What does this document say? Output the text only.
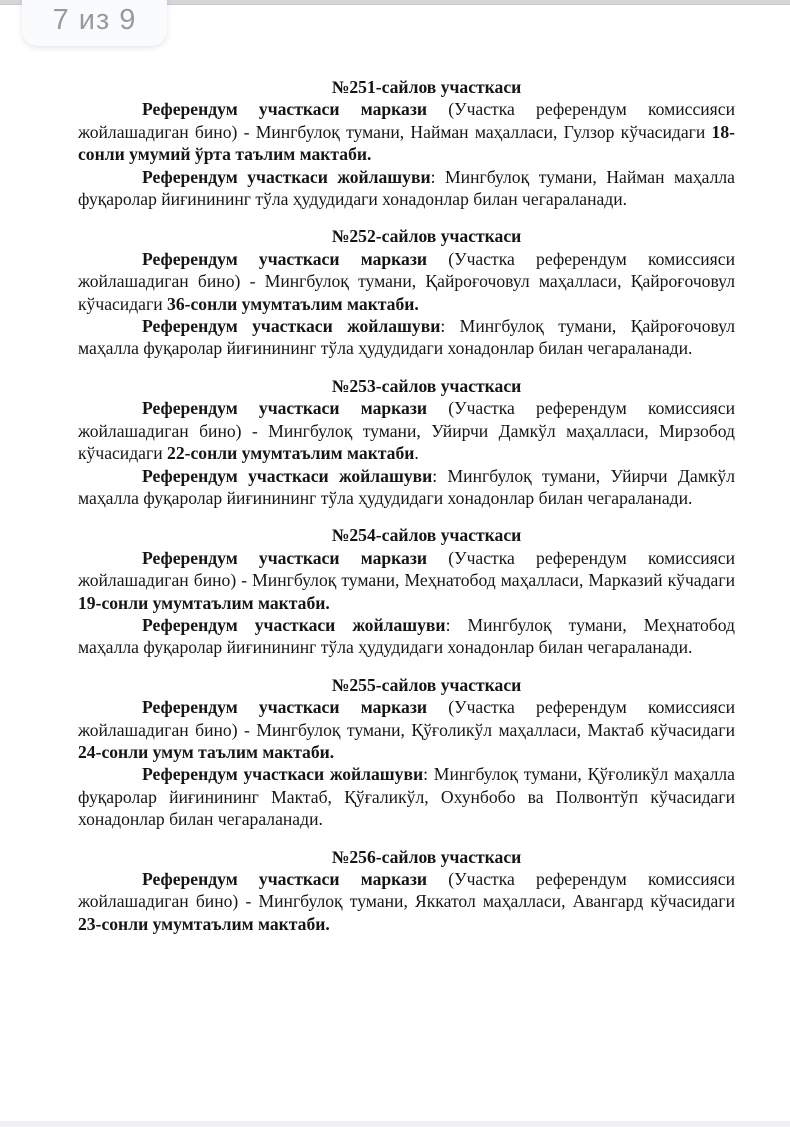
7 из 9
№251-сайлов участкаси

Референдум участкаси маркази (Участка референдум комиссияси жойлашадиган бино) - Мингбулоқ тумани, Найман маҳалласи, Гулзор кўчасидаги 18-сонли умумий ўрта таълим мактаби.

Референдум участкаси жойлашуви: Мингбулоқ тумани, Найман маҳалла фуқаролар йиғинининг тўла ҳудудидаги хонадонлар билан чегараланади.

№252-сайлов участкаси

Референдум участкаси маркази (Участка референдум комиссияси жойлашадиган бино) - Мингбулоқ тумани, Қайроғочовул маҳалласи, Қайроғочовул кўчасидаги 36-сонли умумтаълим мактаби.

Референдум участкаси жойлашуви: Мингбулоқ тумани, Қайроғочовул маҳалла фуқаролар йиғинининг тўла ҳудудидаги хонадонлар билан чегараланади.

№253-сайлов участкаси

Референдум участкаси маркази (Участка референдум комиссияси жойлашадиган бино) - Мингбулоқ тумани, Уйирчи Дамкўл маҳалласи, Мирзобод кўчасидаги 22-сонли умумтаълим мактаби.

Референдум участкаси жойлашуви: Мингбулоқ тумани, Уйирчи Дамкўл маҳалла фуқаролар йиғинининг тўла ҳудудидаги хонадонлар билан чегараланади.

№254-сайлов участкаси

Референдум участкаси маркази (Участка референдум комиссияси жойлашадиган бино) - Мингбулоқ тумани, Меҳнатобод маҳалласи, Марказий кўчадаги 19-сонли умумтаълим мактаби.

Референдум участкаси жойлашуви: Мингбулоқ тумани, Меҳнатобод маҳалла фуқаролар йиғинининг тўла ҳудудидаги хонадонлар билан чегараланади.

№255-сайлов участкаси

Референдум участкаси маркази (Участка референдум комиссияси жойлашадиган бино) - Мингбулоқ тумани, Қўғоликўл маҳалласи, Мактаб кўчасидаги 24-сонли умум таълим мактаби.

Референдум участкаси жойлашуви: Мингбулоқ тумани, Қўғоликўл маҳалла фуқаролар йиғинининг Мактаб, Қўғаликўл, Охунбобо ва Полвонтўп кўчасидаги хонадонлар билан чегараланади.

№256-сайлов участкаси

Референдум участкаси маркази (Участка референдум комиссияси жойлашадиган бино) - Мингбулоқ тумани, Яккатол маҳалласи, Авангард кўчасидаги 23-сонли умумтаълим мактаби.
